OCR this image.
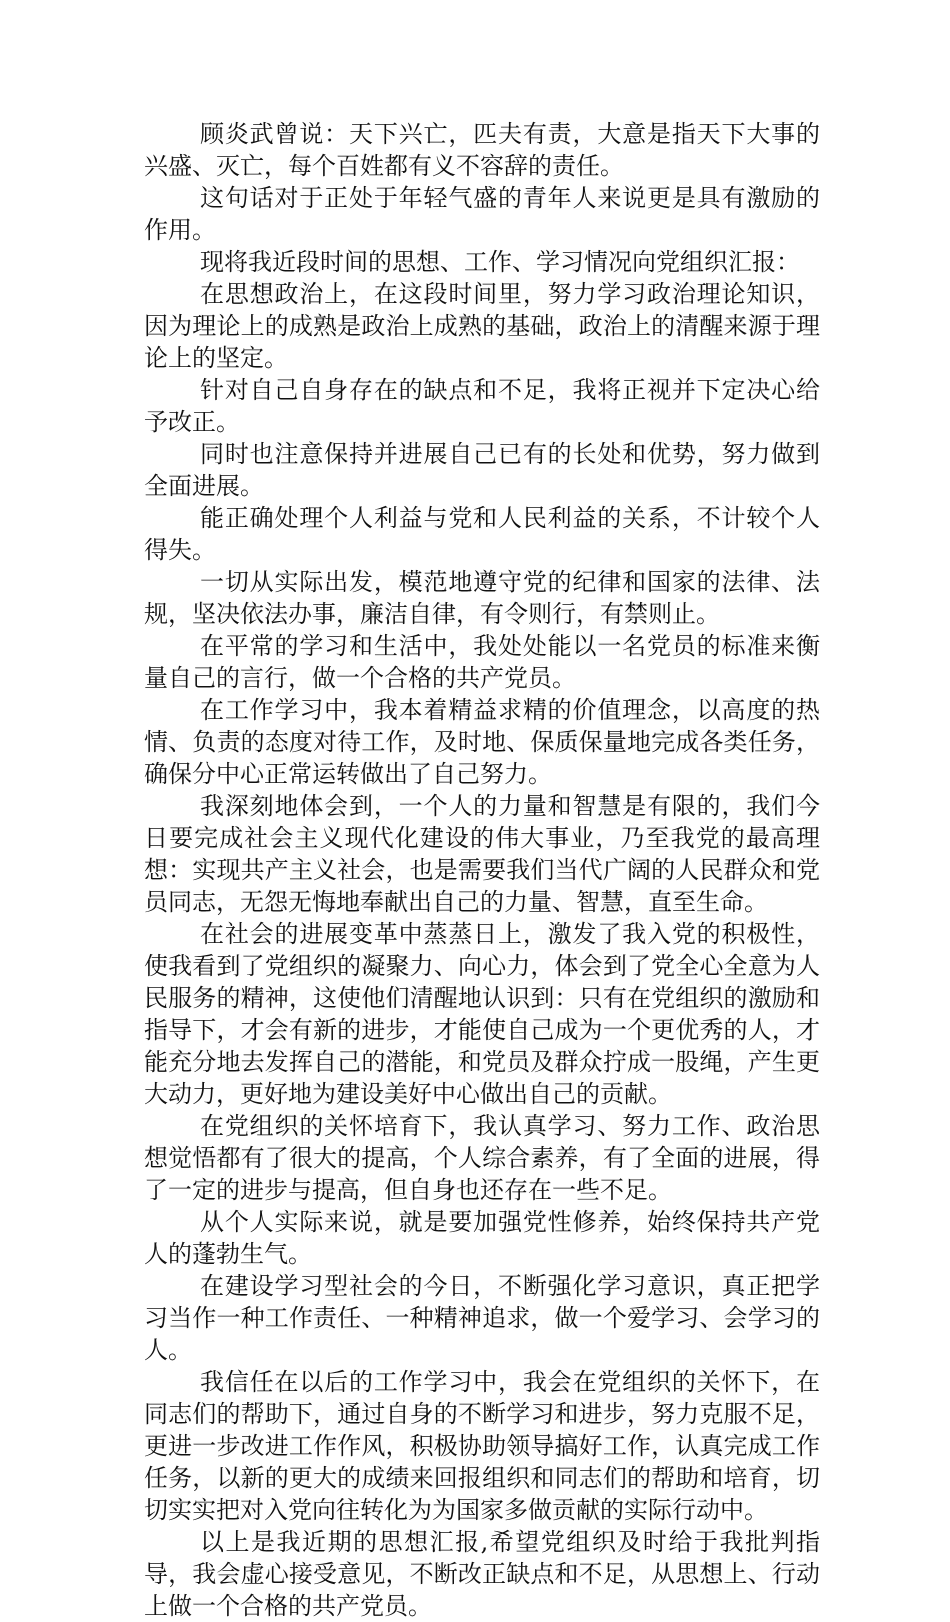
顾炎武曾说：天下兴亡，匹夫有责，大意是指天下大事的兴盛、灭亡，每个百姓都有义不容辞的责任。

这句话对于正处于年轻气盛的青年人来说更是具有激励的作用。

现将我近段时间的思想、工作、学习情况向党组织汇报：

在思想政治上，在这段时间里，努力学习政治理论知识，因为理论上的成熟是政治上成熟的基础，政治上的清醒来源于理论上的坚定。

针对自己自身存在的缺点和不足，我将正视并下定决心给予改正。

同时也注意保持并进展自己已有的长处和优势，努力做到全面进展。

能正确处理个人利益与党和人民利益的关系，不计较个人得失。

一切从实际出发，模范地遵守党的纪律和国家的法律、法规，坚决依法办事，廉洁自律，有令则行，有禁则止。

在平常的学习和生活中，我处处能以一名党员的标准来衡量自己的言行，做一个合格的共产党员。

在工作学习中，我本着精益求精的价值理念，以高度的热情、负责的态度对待工作，及时地、保质保量地完成各类任务，确保分中心正常运转做出了自己努力。

我深刻地体会到，一个人的力量和智慧是有限的，我们今日要完成社会主义现代化建设的伟大事业，乃至我党的最高理想：实现共产主义社会，也是需要我们当代广阔的人民群众和党员同志，无怨无悔地奉献出自己的力量、智慧，直至生命。

在社会的进展变革中蒸蒸日上，激发了我入党的积极性，使我看到了党组织的凝聚力、向心力，体会到了党全心全意为人民服务的精神，这使他们清醒地认识到：只有在党组织的激励和指导下，才会有新的进步，才能使自己成为一个更优秀的人，才能充分地去发挥自己的潜能，和党员及群众拧成一股绳，产生更大动力，更好地为建设美好中心做出自己的贡献。

在党组织的关怀培育下，我认真学习、努力工作、政治思想觉悟都有了很大的提高，个人综合素养，有了全面的进展，得了一定的进步与提高，但自身也还存在一些不足。

从个人实际来说，就是要加强党性修养，始终保持共产党人的蓬勃生气。

在建设学习型社会的今日，不断强化学习意识，真正把学习当作一种工作责任、一种精神追求，做一个爱学习、会学习的人。

我信任在以后的工作学习中，我会在党组织的关怀下，在同志们的帮助下，通过自身的不断学习和进步，努力克服不足，更进一步改进工作作风，积极协助领导搞好工作，认真完成工作任务，以新的更大的成绩来回报组织和同志们的帮助和培育，切切实实把对入党向往转化为为国家多做贡献的实际行动中。

以上是我近期的思想汇报,希望党组织及时给于我批判指导，我会虚心接受意见，不断改正缺点和不足，从思想上、行动上做一个合格的共产党员。
